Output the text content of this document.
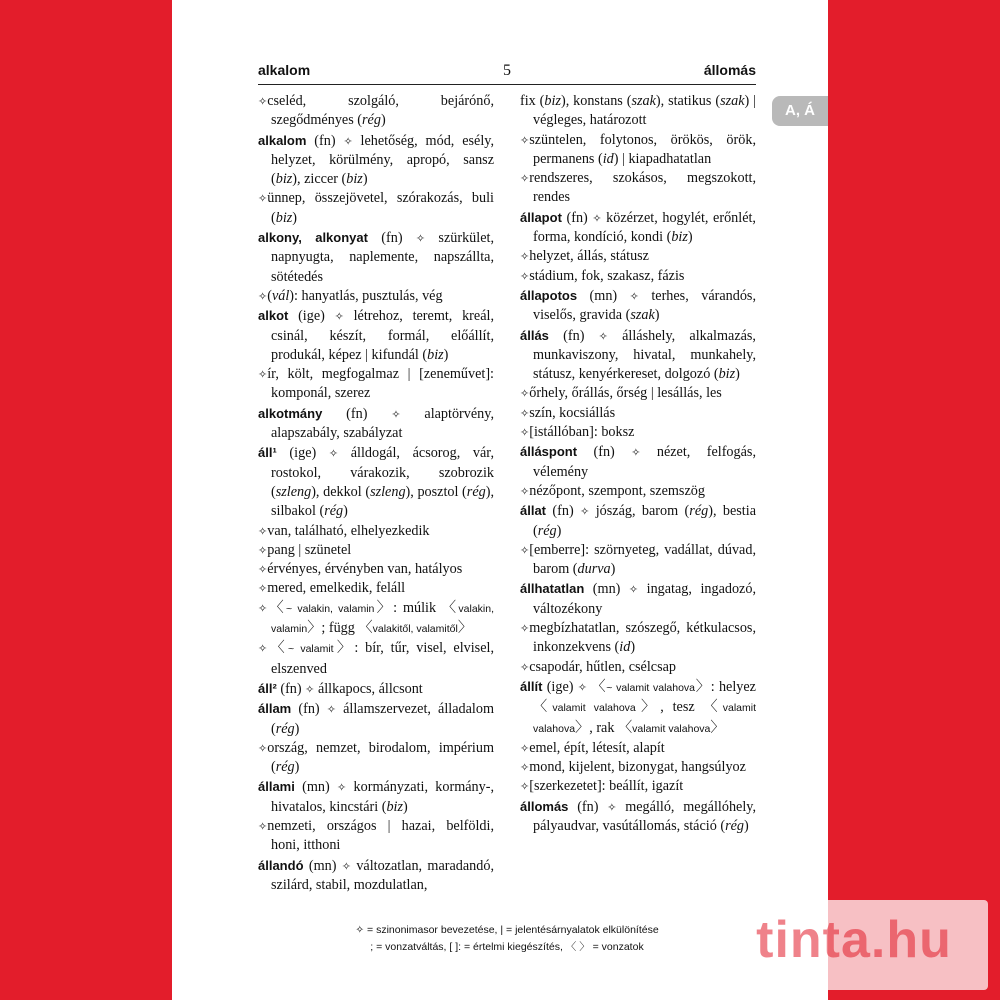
alkalom	5	állomás
A, Á

✧cseléd, szolgáló, bejárónő, szegődményes (rég)

alkalom (fn) ✧ lehetőség, mód, esély, helyzet, körülmény, apropó, sansz (biz), ziccer (biz)

✧ünnep, összejövetel, szórakozás, buli (biz)

alkony, alkonyat (fn) ✧ szürkület, napnyugta, naplemente, napszállta, sötétedés

✧(vál): hanyatlás, pusztulás, vég

alkot (ige) ✧ létrehoz, teremt, kreál, csinál, készít, formál, előállít, produkál, képez | kifundál (biz)

✧ír, költ, megfogalmaz | [zeneművet]: komponál, szerez

alkotmány (fn) ✧ alaptörvény, alapszabály, szabályzat

áll¹ (ige) ✧ álldogál, ácsorog, vár, rostokol, várakozik, szobrozik (szleng), dekkol (szleng), posztol (rég), silbakol (rég)

✧van, található, elhelyezkedik

✧pang | szünetel

✧érvényes, érvényben van, hatályos

✧mered, emelkedik, feláll

✧〈~ valakin, valamin〉: múlik 〈valakin, valamin〉; függ 〈valakitől, valamitől〉

✧〈~ valamit〉: bír, tűr, visel, elvisel, elszenved

áll² (fn) ✧ állkapocs, állcsont

állam (fn) ✧ államszervezet, álladalom (rég)

✧ország, nemzet, birodalom, impérium (rég)

állami (mn) ✧ kormányzati, kormány-, hivatalos, kincstári (biz)

✧nemzeti, országos | hazai, belföldi, honi, itthoni

állandó (mn) ✧ változatlan, maradandó, szilárd, stabil, mozdulatlan,

fix (biz), konstans (szak), statikus (szak) | végleges, határozott

✧szüntelen, folytonos, örökös, örök, permanens (id) | kiapadhatatlan

✧rendszeres, szokásos, megszokott, rendes

állapot (fn) ✧ közérzet, hogylét, erőnlét, forma, kondíció, kondi (biz)

✧helyzet, állás, státusz

✧stádium, fok, szakasz, fázis

állapotos (mn) ✧ terhes, várandós, viselős, gravida (szak)

állás (fn) ✧ álláshely, alkalmazás, munkaviszony, hivatal, munkahely, státusz, kenyérkereset, dolgozó (biz)

✧őrhely, őrállás, őrség | lesállás, les

✧szín, kocsiállás

✧[istállóban]: boksz

álláspont (fn) ✧ nézet, felfogás, vélemény

✧nézőpont, szempont, szemszög

állat (fn) ✧ jószág, barom (rég), bestia (rég)

✧[emberre]: szörnyeteg, vadállat, dúvad, barom (durva)

állhatatlan (mn) ✧ ingatag, ingadozó, változékony

✧megbízhatatlan, szószegő, kétkulacsos, inkonzekvens (id)

✧csapodár, hűtlen, csélcsap

állít (ige) ✧ 〈~ valamit valahova〉: helyez 〈valamit valahova〉, tesz 〈valamit valahova〉, rak 〈valamit valahova〉

✧emel, épít, létesít, alapít

✧mond, kijelent, bizonygat, hangsúlyoz

✧[szerkezetet]: beállít, igazít

állomás (fn) ✧ megálló, megállóhely, pályaudvar, vasútállomás, stáció (rég)

✧ = szinonimasor bevezetése, | = jelentésárnyalatok elkülönítése
; = vonzatváltás, [ ]: = értelmi kiegészítés, 〈 〉 = vonzatok	tinta.hu
